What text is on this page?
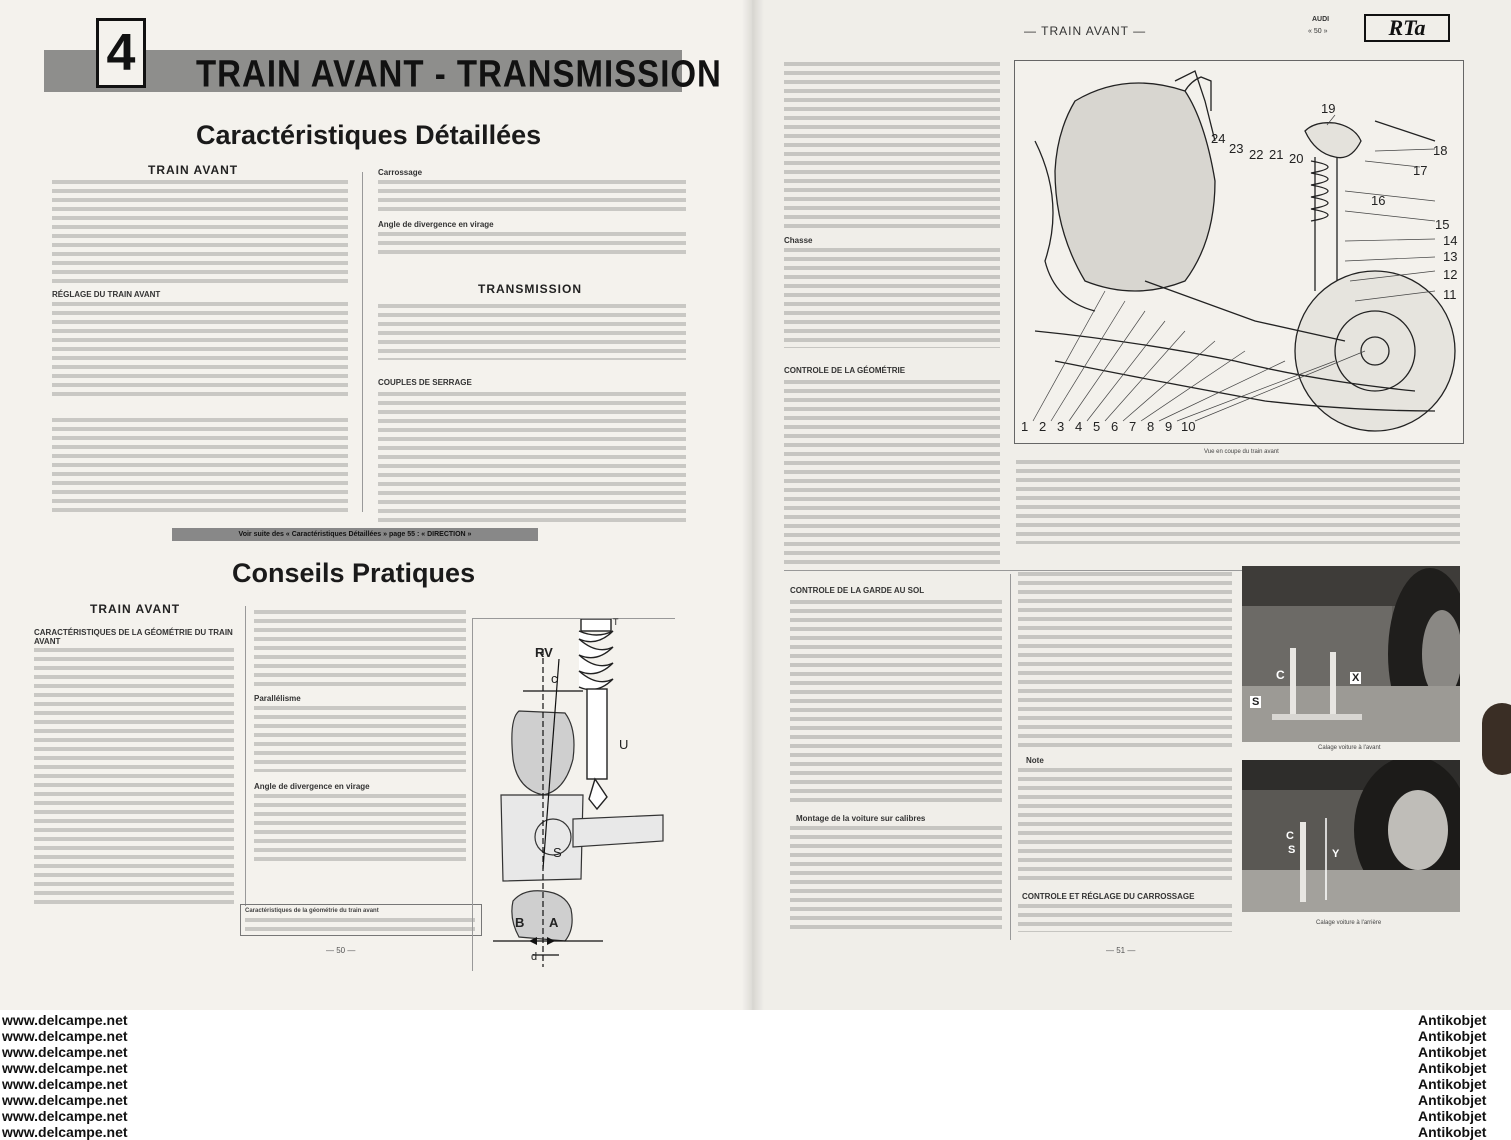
4	TRAIN AVANT - TRANSMISSION
Caractéristiques Détaillées
TRAIN AVANT
RÉGLAGE DU TRAIN AVANT
Carrossage
Angle de divergence en virage
TRANSMISSION
COUPLES DE SERRAGE
Voir suite des « Caractéristiques Détaillées » page 55 : « DIRECTION »
Conseils Pratiques
TRAIN AVANT
CARACTÉRISTIQUES DE LA GÉOMÉTRIE DU TRAIN AVANT
Parallélisme
Angle de divergence en virage
Caractéristiques de la géométrie du train avant
RV
c
T
U
S
B A
d
— 50 —
— TRAIN AVANT —
AUDI
« 50 »	RTa
Chasse
CONTROLE DE LA GÉOMÉTRIE
19
18
17
24
23 22 21 20
16
15
14
13
12
11
1 2 3 4 5 6 7 8 9 10
Vue en coupe du train avant
CONTROLE DE LA GARDE AU SOL
Montage de la voiture sur calibres
Note
CONTROLE ET RÉGLAGE DU CARROSSAGE
C	X
S
Calage voiture à l'avant
C
S	Y
Calage voiture à l'arrière
— 51 —
www.delcampe.net
www.delcampe.net
www.delcampe.net
www.delcampe.net
www.delcampe.net
www.delcampe.net
www.delcampe.net
www.delcampe.net
Antikobjet
Antikobjet
Antikobjet
Antikobjet
Antikobjet
Antikobjet
Antikobjet
Antikobjet
